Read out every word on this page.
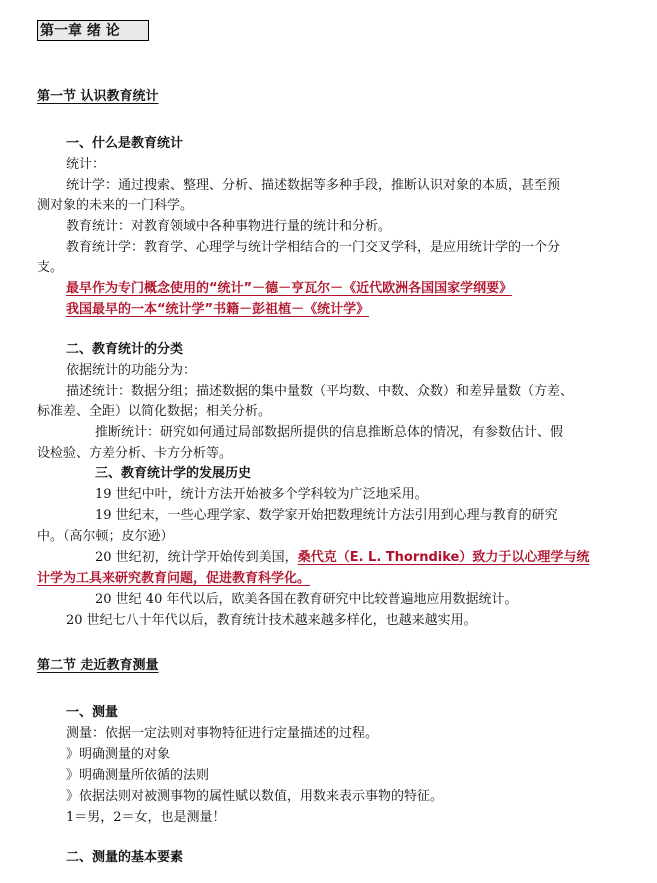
第一章 绪 论
第一节 认识教育统计
一、什么是教育统计
统计：
统计学：通过搜索、整理、分析、描述数据等多种手段，推断认识对象的本质，甚至预
测对象的未来的一门科学。
教育统计：对教育领域中各种事物进行量的统计和分析。
教育统计学：教育学、心理学与统计学相结合的一门交叉学科，是应用统计学的一个分
支。
最早作为专门概念使用的“统计”－德－亨瓦尔－《近代欧洲各国国家学纲要》
我国最早的一本“统计学”书籍－彭祖植－《统计学》
二、教育统计的分类
依据统计的功能分为：
描述统计：数据分组；描述数据的集中量数（平均数、中数、众数）和差异量数（方差、
标准差、全距）以简化数据；相关分析。
推断统计：研究如何通过局部数据所提供的信息推断总体的情况，有参数估计、假
设检验、方差分析、卡方分析等。
三、教育统计学的发展历史
19 世纪中叶，统计方法开始被多个学科较为广泛地采用。
19 世纪末，一些心理学家、数学家开始把数理统计方法引用到心理与教育的研究
中。（高尔顿；皮尔逊）
20 世纪初，统计学开始传到美国，桑代克（E. L. Thorndike）致力于以心理学与统
计学为工具来研究教育问题，促进教育科学化。
20 世纪 40 年代以后，欧美各国在教育研究中比较普遍地应用数据统计。
20 世纪七八十年代以后，教育统计技术越来越多样化，也越来越实用。
第二节 走近教育测量
一、测量
测量：依据一定法则对事物特征进行定量描述的过程。
》明确测量的对象
》明确测量所依循的法则
》依据法则对被测事物的属性赋以数值，用数来表示事物的特征。
1＝男，2＝女，也是测量！
二、测量的基本要素
